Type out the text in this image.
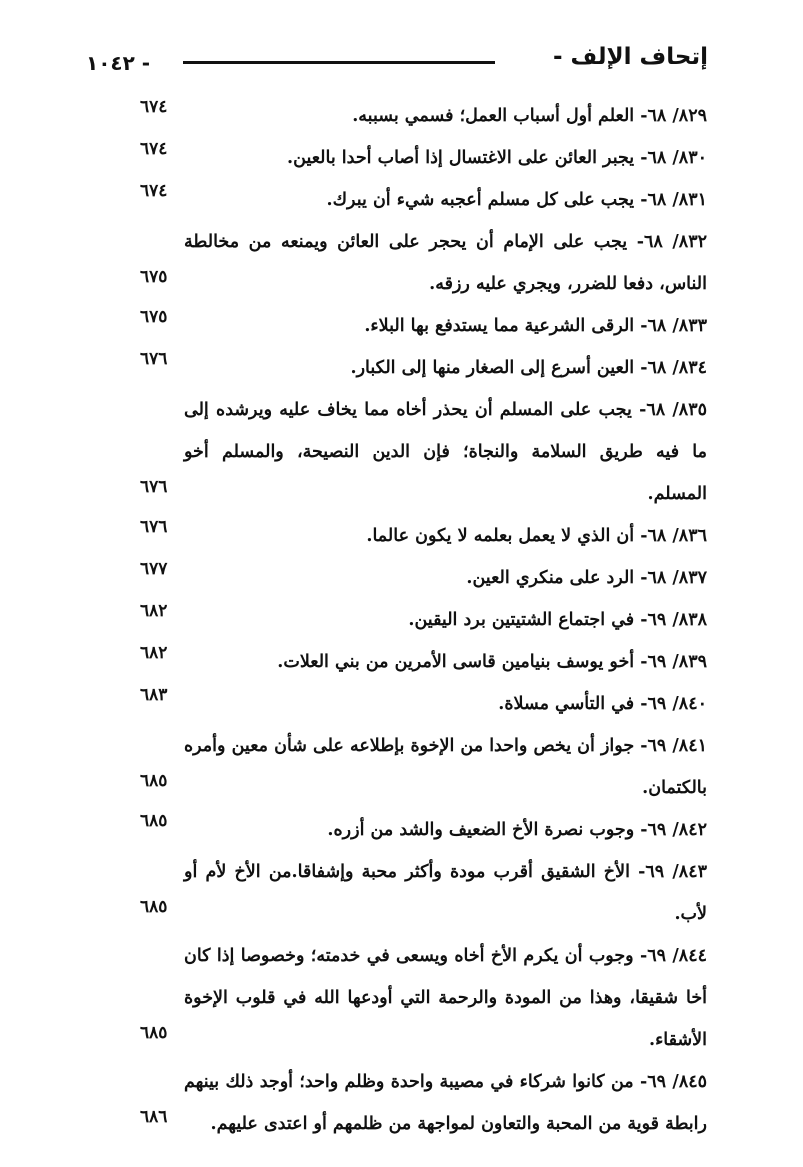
إتحاف الإلف -
- ١٠٤٢
٨٢٩/ ٦٨- العلم أول أسباب العمل؛ فسمي بسببه.
٦٧٤
٨٣٠/ ٦٨- يجبر العائن على الاغتسال إذا أصاب أحدا بالعين.
٦٧٤
٨٣١/ ٦٨- يجب على كل مسلم أعجبه شيء أن يبرك.
٦٧٤
٨٣٢/ ٦٨- يجب على الإمام أن يحجر على العائن ويمنعه من مخالطة الناس، دفعا للضرر، ويجري عليه رزقه.
٦٧٥
٨٣٣/ ٦٨- الرقى الشرعية مما يستدفع بها البلاء.
٦٧٥
٨٣٤/ ٦٨- العين أسرع إلى الصغار منها إلى الكبار.
٦٧٦
٨٣٥/ ٦٨- يجب على المسلم أن يحذر أخاه مما يخاف عليه ويرشده إلى ما فيه طريق السلامة والنجاة؛ فإن الدين النصيحة، والمسلم أخو المسلم.
٦٧٦
٨٣٦/ ٦٨- أن الذي لا يعمل بعلمه لا يكون عالما.
٦٧٦
٨٣٧/ ٦٨- الرد على منكري العين.
٦٧٧
٨٣٨/ ٦٩- في اجتماع الشتيتين برد اليقين.
٦٨٢
٨٣٩/ ٦٩- أخو يوسف بنيامين قاسى الأمرين من بني العلات.
٦٨٢
٨٤٠/ ٦٩- في التأسي مسلاة.
٦٨٣
٨٤١/ ٦٩- جواز أن يخص واحدا من الإخوة بإطلاعه على شأن معين وأمره بالكتمان.
٦٨٥
٨٤٢/ ٦٩- وجوب نصرة الأخ الضعيف والشد من أزره.
٦٨٥
٨٤٣/ ٦٩- الأخ الشقيق أقرب مودة وأكثر محبة وإشفاقا.من الأخ لأم أو لأب.
٦٨٥
٨٤٤/ ٦٩- وجوب أن يكرم الأخ أخاه ويسعى في خدمته؛ وخصوصا إذا كان أخا شقيقا، وهذا من المودة والرحمة التي أودعها الله في قلوب الإخوة الأشقاء.
٦٨٥
٨٤٥/ ٦٩- من كانوا شركاء في مصيبة واحدة وظلم واحد؛ أوجد ذلك بينهم رابطة قوية من المحبة والتعاون لمواجهة من ظلمهم أو اعتدى عليهم.
٦٨٦
